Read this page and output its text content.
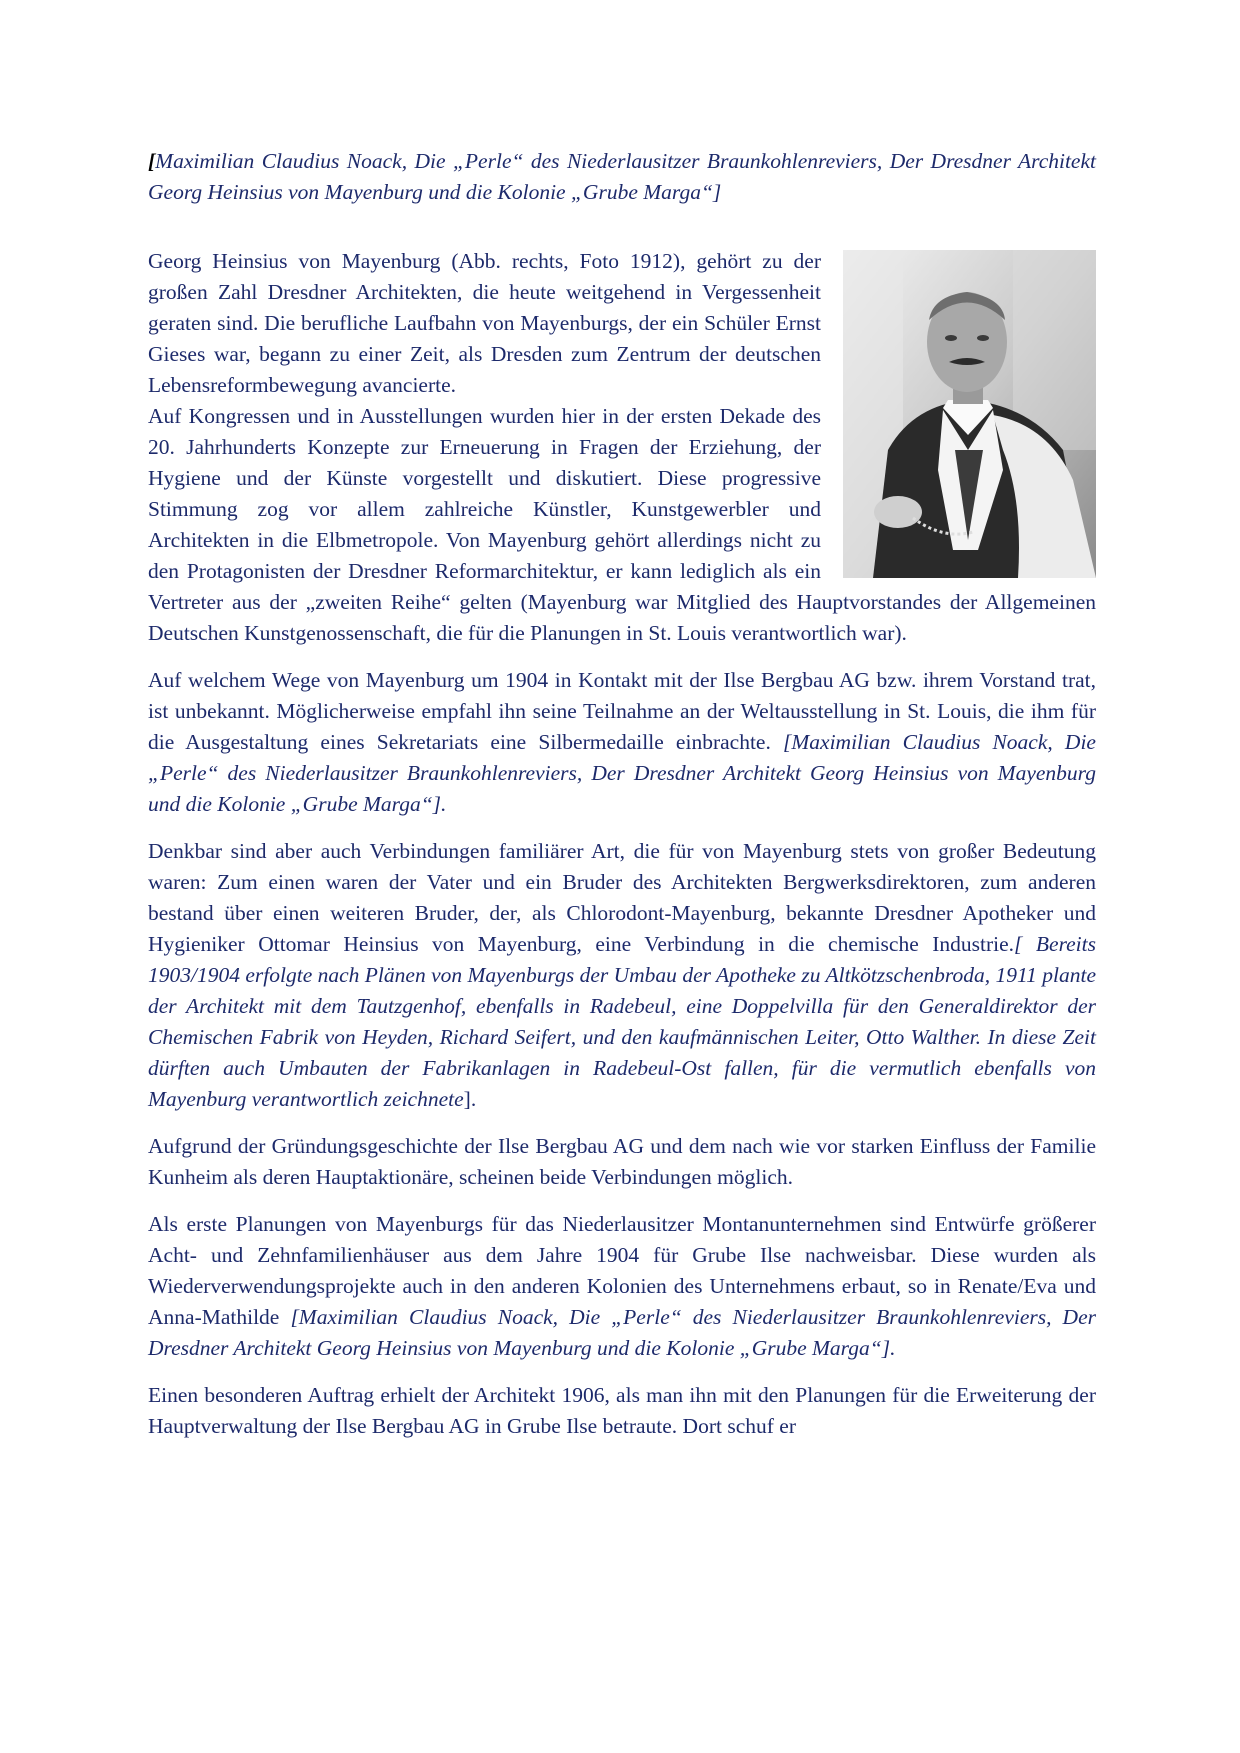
[Maximilian Claudius Noack, Die „Perle“ des Niederlausitzer Braunkohlenreviers, Der Dresdner Architekt Georg Heinsius von Mayenburg und die Kolonie „Grube Marga“]

Georg Heinsius von Mayenburg (Abb. rechts, Foto 1912), gehört zu der großen Zahl Dresdner Architekten, die heute weitgehend in Vergessenheit geraten sind. Die berufliche Laufbahn von Mayenburgs, der ein Schüler Ernst Gieses war, begann zu einer Zeit, als Dresden zum Zentrum der deutschen Lebensreformbewegung avancierte.

Auf Kongressen und in Ausstellungen wurden hier in der ersten Dekade des 20. Jahrhunderts Konzepte zur Erneuerung in Fragen der Erziehung, der Hygiene und der Künste vorgestellt und diskutiert. Diese progressive Stimmung zog vor allem zahlreiche Künstler, Kunstgewerbler und Architekten in die Elbmetropole. Von Mayenburg gehört allerdings nicht zu den Protagonisten der Dresdner Reformarchitektur, er kann lediglich als ein Vertreter aus der „zweiten Reihe“ gelten (Mayenburg war Mitglied des Hauptvorstandes der Allgemeinen Deutschen Kunstgenossenschaft, die für die Planungen in St. Louis verantwortlich war).

Auf welchem Wege von Mayenburg um 1904 in Kontakt mit der Ilse Bergbau AG bzw. ihrem Vorstand trat, ist unbekannt. Möglicherweise empfahl ihn seine Teilnahme an der Weltausstellung in St. Louis, die ihm für die Ausgestaltung eines Sekretariats eine Silbermedaille einbrachte. [Maximilian Claudius Noack, Die „Perle“ des Niederlausitzer Braunkohlenreviers, Der Dresdner Architekt Georg Heinsius von Mayenburg und die Kolonie „Grube Marga“].

Denkbar sind aber auch Verbindungen familiärer Art, die für von Mayenburg stets von großer Bedeutung waren: Zum einen waren der Vater und ein Bruder des Architekten Bergwerksdirektoren, zum anderen bestand über einen weiteren Bruder, der, als Chlorodont-Mayenburg, bekannte Dresdner Apotheker und Hygieniker Ottomar Heinsius von Mayenburg, eine Verbindung in die chemische Industrie.[ Bereits 1903/1904 erfolgte nach Plänen von Mayenburgs der Umbau der Apotheke zu Altkötzschenbroda, 1911 plante der Architekt mit dem Tautzgenhof, ebenfalls in Radebeul, eine Doppelvilla für den Generaldirektor der Chemischen Fabrik von Heyden, Richard Seifert, und den kaufmännischen Leiter, Otto Walther. In diese Zeit dürften auch Umbauten der Fabrikanlagen in Radebeul-Ost fallen, für die vermutlich ebenfalls von Mayenburg verantwortlich zeichnete].

Aufgrund der Gründungsgeschichte der Ilse Bergbau AG und dem nach wie vor starken Einfluss der Familie Kunheim als deren Hauptaktionäre, scheinen beide Verbindungen möglich.

Als erste Planungen von Mayenburgs für das Niederlausitzer Montanunternehmen sind Entwürfe größerer Acht- und Zehnfamilienhäuser aus dem Jahre 1904 für Grube Ilse nachweisbar. Diese wurden als Wiederverwendungsprojekte auch in den anderen Kolonien des Unternehmens erbaut, so in Renate/Eva und Anna-Mathilde [Maximilian Claudius Noack, Die „Perle“ des Niederlausitzer Braunkohlenreviers, Der Dresdner Architekt Georg Heinsius von Mayenburg und die Kolonie „Grube Marga“].

Einen besonderen Auftrag erhielt der Architekt 1906, als man ihn mit den Planungen für die Erweiterung der Hauptverwaltung der Ilse Bergbau AG in Grube Ilse betraute. Dort schuf er
